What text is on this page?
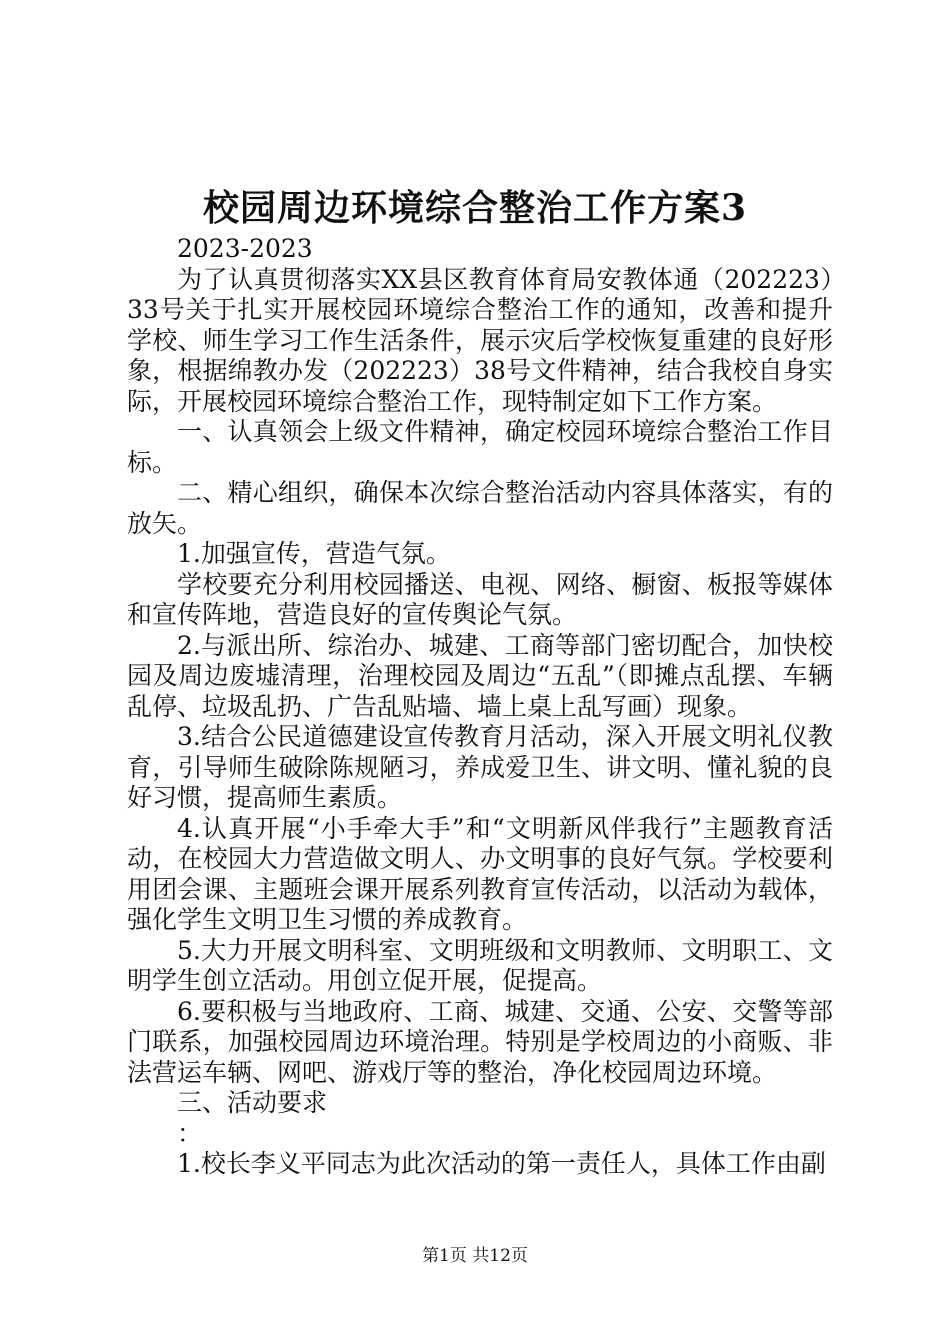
校园周边环境综合整治工作方案3

2023-2023

为了认真贯彻落实XX县区教育体育局安教体通（202223）33号关于扎实开展校园环境综合整治工作的通知，改善和提升学校、师生学习工作生活条件，展示灾后学校恢复重建的良好形象，根据绵教办发（202223）38号文件精神，结合我校自身实际，开展校园环境综合整治工作，现特制定如下工作方案。

一、认真领会上级文件精神，确定校园环境综合整治工作目标。

二、精心组织，确保本次综合整治活动内容具体落实，有的放矢。

1.加强宣传，营造气氛。

学校要充分利用校园播送、电视、网络、橱窗、板报等媒体和宣传阵地，营造良好的宣传舆论气氛。

2.与派出所、综治办、城建、工商等部门密切配合，加快校园及周边废墟清理，治理校园及周边“五乱”（即摊点乱摆、车辆乱停、垃圾乱扔、广告乱贴墙、墙上桌上乱写画）现象。

3.结合公民道德建设宣传教育月活动，深入开展文明礼仪教育，引导师生破除陈规陋习，养成爱卫生、讲文明、懂礼貌的良好习惯，提高师生素质。

4.认真开展“小手牵大手”和“文明新风伴我行”主题教育活动，在校园大力营造做文明人、办文明事的良好气氛。学校要利用团会课、主题班会课开展系列教育宣传活动，以活动为载体，强化学生文明卫生习惯的养成教育。

5.大力开展文明科室、文明班级和文明教师、文明职工、文明学生创立活动。用创立促开展，促提高。

6.要积极与当地政府、工商、城建、交通、公安、交警等部门联系，加强校园周边环境治理。特别是学校周边的小商贩、非法营运车辆、网吧、游戏厅等的整治，净化校园周边环境。

三、活动要求

：

1.校长李义平同志为此次活动的第一责任人，具体工作由副

第1页 共12页
